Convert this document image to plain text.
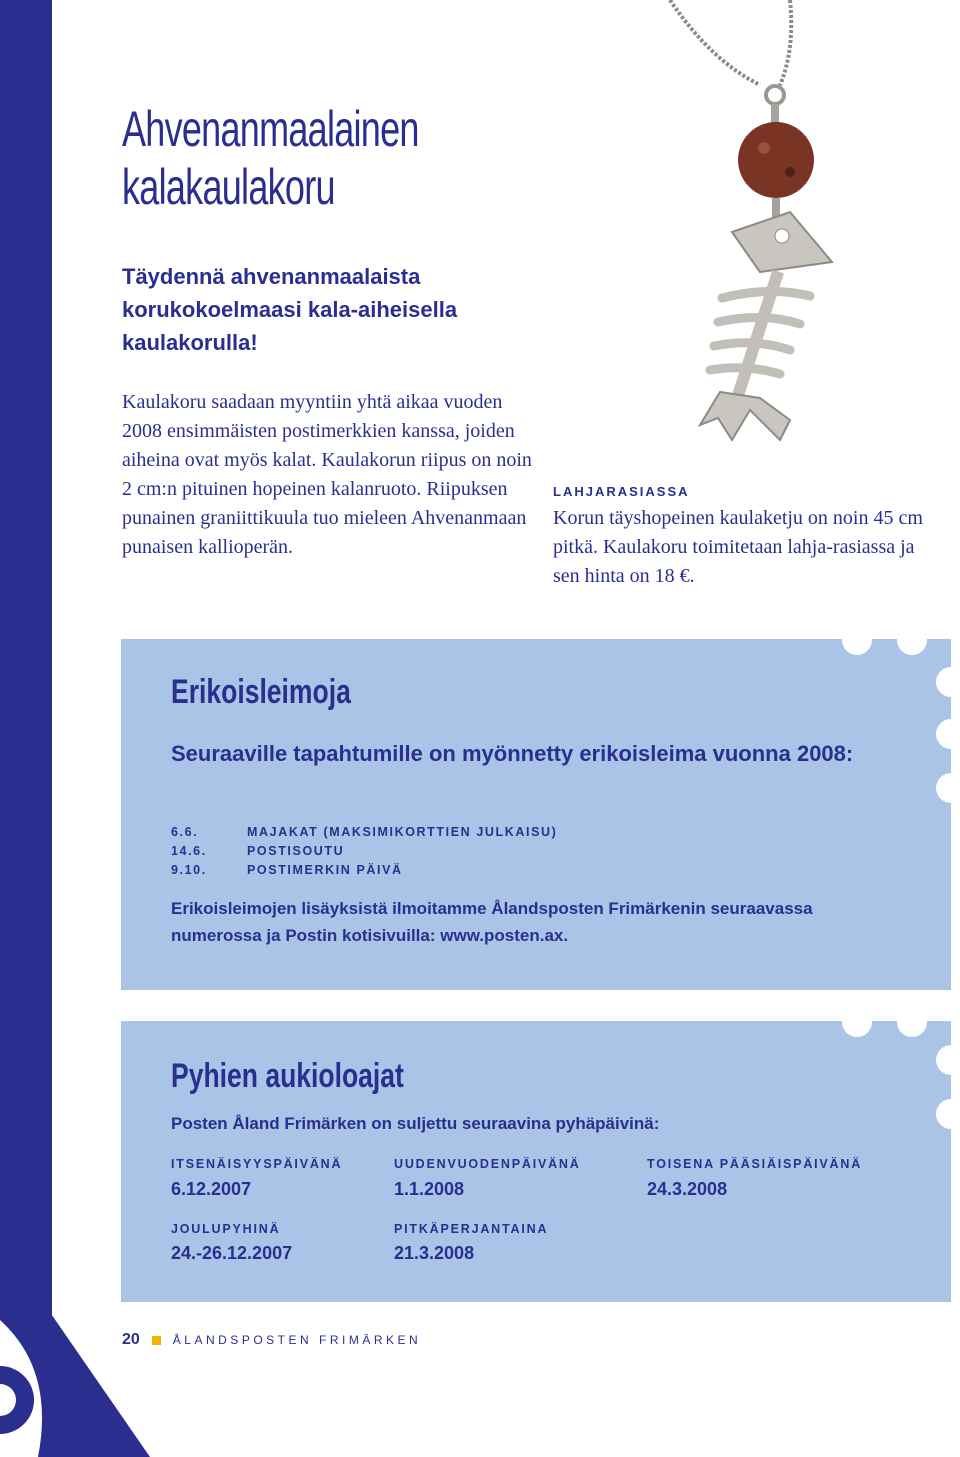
Ahvenanmaalainen
kalakaulakoru

Täydennä ahvenanmaalaista korukokoelmaasi kala-aiheisella kaulakorulla!

Kaulakoru saadaan myyntiin yhtä aikaa vuoden 2008 ensimmäisten postimerkkien kanssa, joiden aiheina ovat myös kalat. Kaulakorun riipus on noin 2 cm:n pituinen hopeinen kalanruoto. Riipuksen punainen graniittikuula tuo mieleen Ahvenanmaan punaisen kallioperän.

LAHJARASIASSA

Korun täyshopeinen kaulaketju on noin 45 cm pitkä. Kaulakoru toimitetaan lahja-rasiassa ja sen hinta on 18 €.

Erikoisleimoja

Seuraaville tapahtumille on myönnetty erikoisleima vuonna 2008:

6.6.	MAJAKAT (MAKSIMIKORTTIEN JULKAISU)
14.6.	POSTISOUTU
9.10.	POSTIMERKIN PÄIVÄ

Erikoisleimojen lisäyksistä ilmoitamme Ålandsposten Frimärkenin seuraavassa numerossa ja Postin kotisivuilla: www.posten.ax.

Pyhien aukioloajat

Posten Åland Frimärken on suljettu seuraavina pyhäpäivinä:

ITSENÄISYYSPÄIVÄNÄ
6.12.2007
UUDENVUODENPÄIVÄNÄ
1.1.2008
TOISENA PÄÄSIÄISPÄIVÄNÄ
24.3.2008
JOULUPYHINÄ
24.-26.12.2007
PITKÄPERJANTAINA
21.3.2008
20	ÅLANDSPOSTEN FRIMÄRKEN
